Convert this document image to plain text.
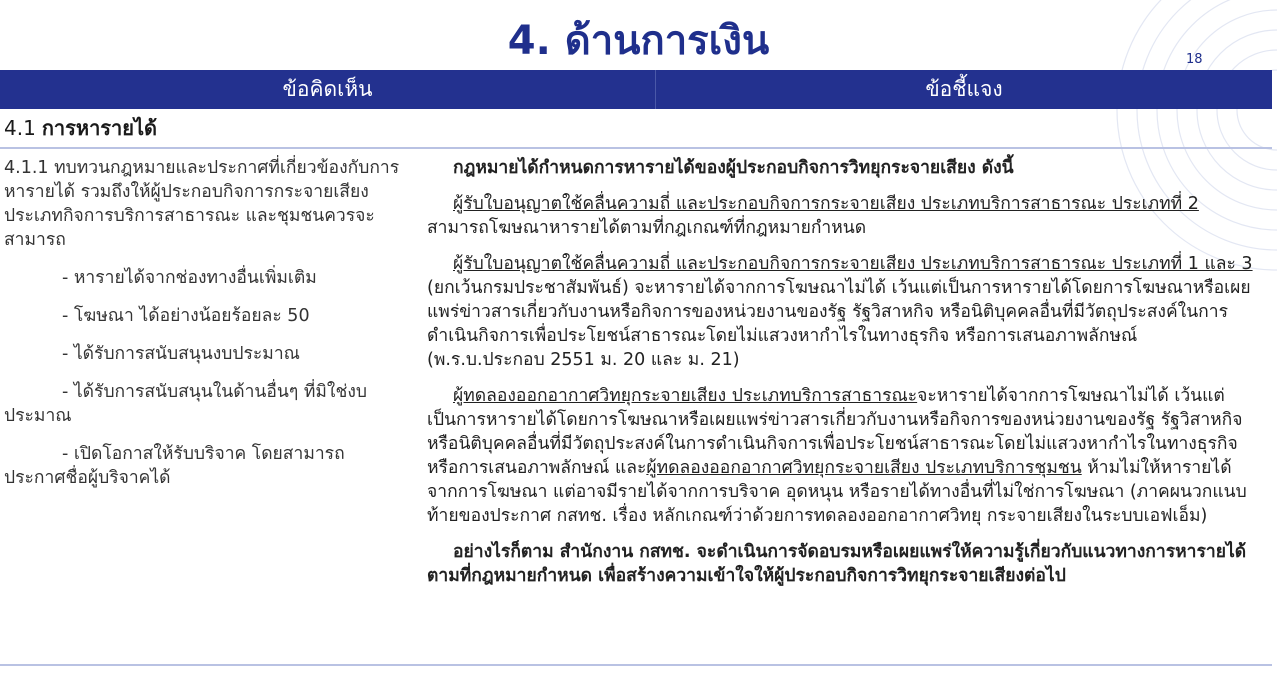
4. ด้านการเงิน	18
ข้อคิดเห็น	ข้อชี้แจง
4.1 การหารายได้
4.1.1 ทบทวนกฎหมายและประกาศที่เกี่ยวข้องกับการหารายได้ รวมถึงให้ผู้ประกอบกิจการกระจายเสียงประเภทกิจการบริการสาธารณะ และชุมชนควรจะสามารถ
- หารายได้จากช่องทางอื่นเพิ่มเติม
- โฆษณา ได้อย่างน้อยร้อยละ 50
- ได้รับการสนับสนุนงบประมาณ
- ได้รับการสนับสนุนในด้านอื่นๆ ที่มิใช่งบประมาณ
- เปิดโอกาสให้รับบริจาค โดยสามารถประกาศชื่อผู้บริจาคได้

กฎหมายได้กำหนดการหารายได้ของผู้ประกอบกิจการวิทยุกระจายเสียง ดังนี้

ผู้รับใบอนุญาตใช้คลื่นความถี่ และประกอบกิจการกระจายเสียง ประเภทบริการสาธารณะ ประเภทที่ 2 สามารถโฆษณาหารายได้ตามที่กฎเกณฑ์ที่กฎหมายกำหนด

ผู้รับใบอนุญาตใช้คลื่นความถี่ และประกอบกิจการกระจายเสียง ประเภทบริการสาธารณะ ประเภทที่ 1 และ 3 (ยกเว้นกรมประชาสัมพันธ์) จะหารายได้จากการโฆษณาไม่ได้ เว้นแต่เป็นการหารายได้โดยการโฆษณาหรือเผยแพร่ข่าวสารเกี่ยวกับงานหรือกิจการของหน่วยงานของรัฐ รัฐวิสาหกิจ หรือนิติบุคคลอื่นที่มีวัตถุประสงค์ในการดำเนินกิจการเพื่อประโยชน์สาธารณะโดยไม่แสวงหากำไรในทางธุรกิจ หรือการเสนอภาพลักษณ์ (พ.ร.บ.ประกอบ 2551 ม. 20 และ ม. 21)

ผู้ทดลองออกอากาศวิทยุกระจายเสียง ประเภทบริการสาธารณะจะหารายได้จากการโฆษณาไม่ได้ เว้นแต่เป็นการหารายได้โดยการโฆษณาหรือเผยแพร่ข่าวสารเกี่ยวกับงานหรือกิจการของหน่วยงานของรัฐ รัฐวิสาหกิจ หรือนิติบุคคลอื่นที่มีวัตถุประสงค์ในการดำเนินกิจการเพื่อประโยชน์สาธารณะโดยไม่แสวงหากำไรในทางธุรกิจ หรือการเสนอภาพลักษณ์ และผู้ทดลองออกอากาศวิทยุกระจายเสียง ประเภทบริการชุมชน ห้ามไม่ให้หารายได้จากการโฆษณา แต่อาจมีรายได้จากการบริจาค อุดหนุน หรือรายได้ทางอื่นที่ไม่ใช่การโฆษณา (ภาคผนวกแนบท้ายของประกาศ กสทช. เรื่อง หลักเกณฑ์ว่าด้วยการทดลองออกอากาศวิทยุ กระจายเสียงในระบบเอฟเอ็ม)

อย่างไรก็ตาม สำนักงาน กสทช. จะดำเนินการจัดอบรมหรือเผยแพร่ให้ความรู้เกี่ยวกับแนวทางการหารายได้ตามที่กฎหมายกำหนด เพื่อสร้างความเข้าใจให้ผู้ประกอบกิจการวิทยุกระจายเสียงต่อไป
